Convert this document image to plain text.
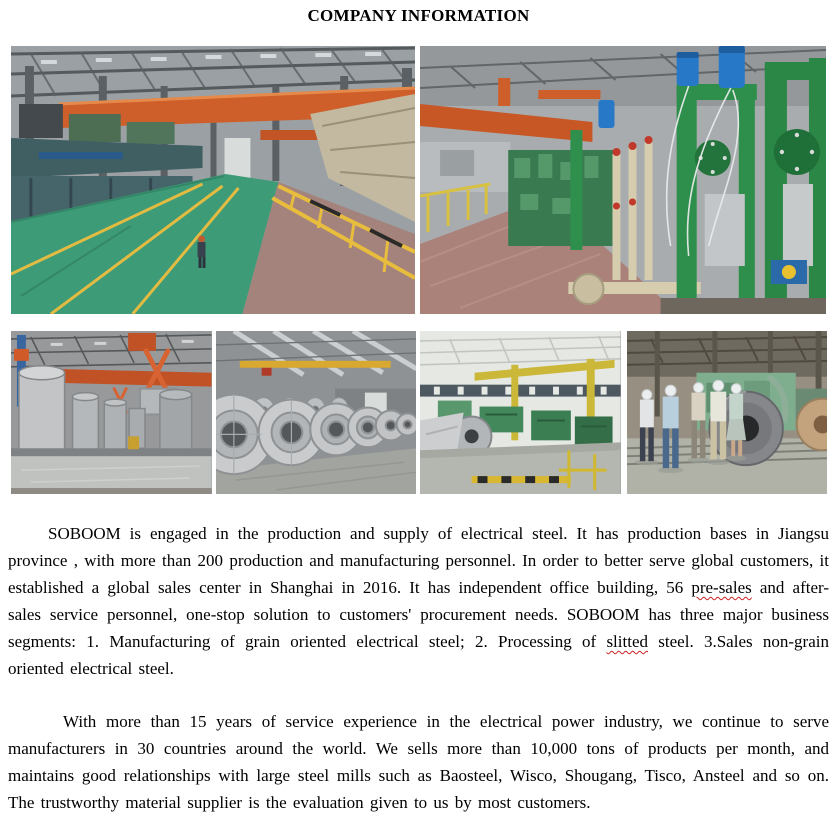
COMPANY INFORMATION

SOBOOM is engaged in the production and supply of electrical steel. It has production bases in Jiangsu province , with more than 200 production and manufacturing personnel. In order to better serve global customers, it established a global sales center in Shanghai in 2016. It has independent office building, 56 pre-sales and after-sales service personnel, one-stop solution to customers' procurement needs. SOBOOM has three major business segments: 1. Manufacturing of grain oriented electrical steel; 2. Processing of slitted steel. 3.Sales non-grain oriented electrical steel.

With more than 15 years of service experience in the electrical power industry, we continue to serve manufacturers in 30 countries around the world. We sells more than 10,000 tons of products per month, and maintains good relationships with large steel mills such as Baosteel, Wisco, Shougang, Tisco, Ansteel and so on. The trustworthy material supplier is the evaluation given to us by most customers.
